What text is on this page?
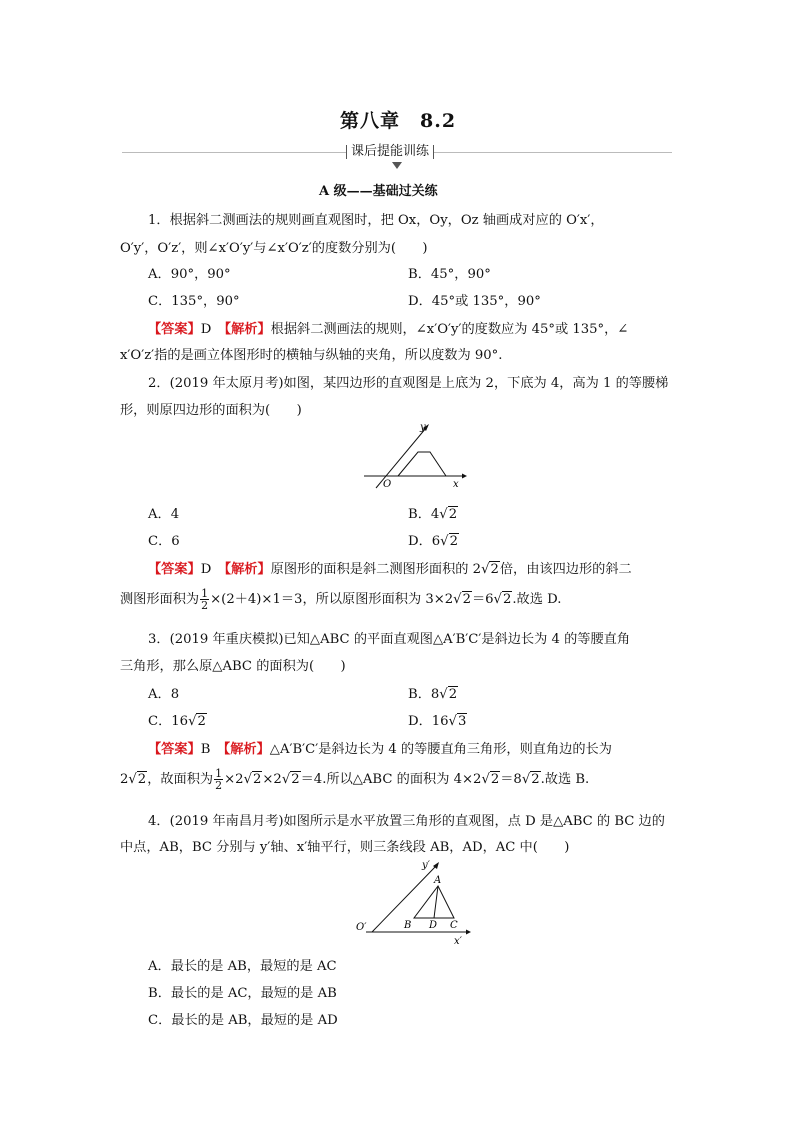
第八章　8.2
课后提能训练
A 级——基础过关练
1．根据斜二测画法的规则画直观图时，把 Ox，Oy，Oz 轴画成对应的 O′x′，
O′y′，O′z′，则∠x′O′y′与∠x′O′z′的度数分别为(　　)
A．90°，90°	B．45°，90°
C．135°，90°	D．45°或 135°，90°
【答案】D　 【解析】根据斜二测画法的规则，∠x′O′y′的度数应为 45°或 135°，∠
x′O′z′指的是画立体图形时的横轴与纵轴的夹角，所以度数为 90°.
2．(2019 年太原月考)如图，某四边形的直观图是上底为 2，下底为 4，高为 1 的等腰梯
形，则原四边形的面积为(　　)
y
x
O
A．4	B．4√2
C．6	D．6√2
【答案】D　 【解析】原图形的面积是斜二测图形面积的 2√2倍，由该四边形的斜二
测图形面积为 $\frac{1}{2} \times(2+4)\times 1=3$，所以原图形面积为 3×2√2＝6√2.故选 D.
3．(2019 年重庆模拟)已知△ABC 的平面直观图△A′B′C′是斜边长为 4 的等腰直角
三角形，那么原△ABC 的面积为(　　)
A．8	B．8√2
C．16√2	D．16√3
【答案】B　 【解析】△A′B′C′是斜边长为 4 的等腰直角三角形，则直角边的长为
2√2，故面积为 $\frac{1}{2} \times 2√2\times 2√2=4$.所以△ABC 的面积为 4×2√2＝8√2.故选 B.
4．(2019 年南昌月考)如图所示是水平放置三角形的直观图，点 D 是△ABC 的 BC 边的
中点，AB，BC 分别与 y′轴、x′轴平行，则三条线段 AB，AD，AC 中(　　)
y′
x′
O′
A
B D C
A．最长的是 AB，最短的是 AC
B．最长的是 AC，最短的是 AB
C．最长的是 AB，最短的是 AD
